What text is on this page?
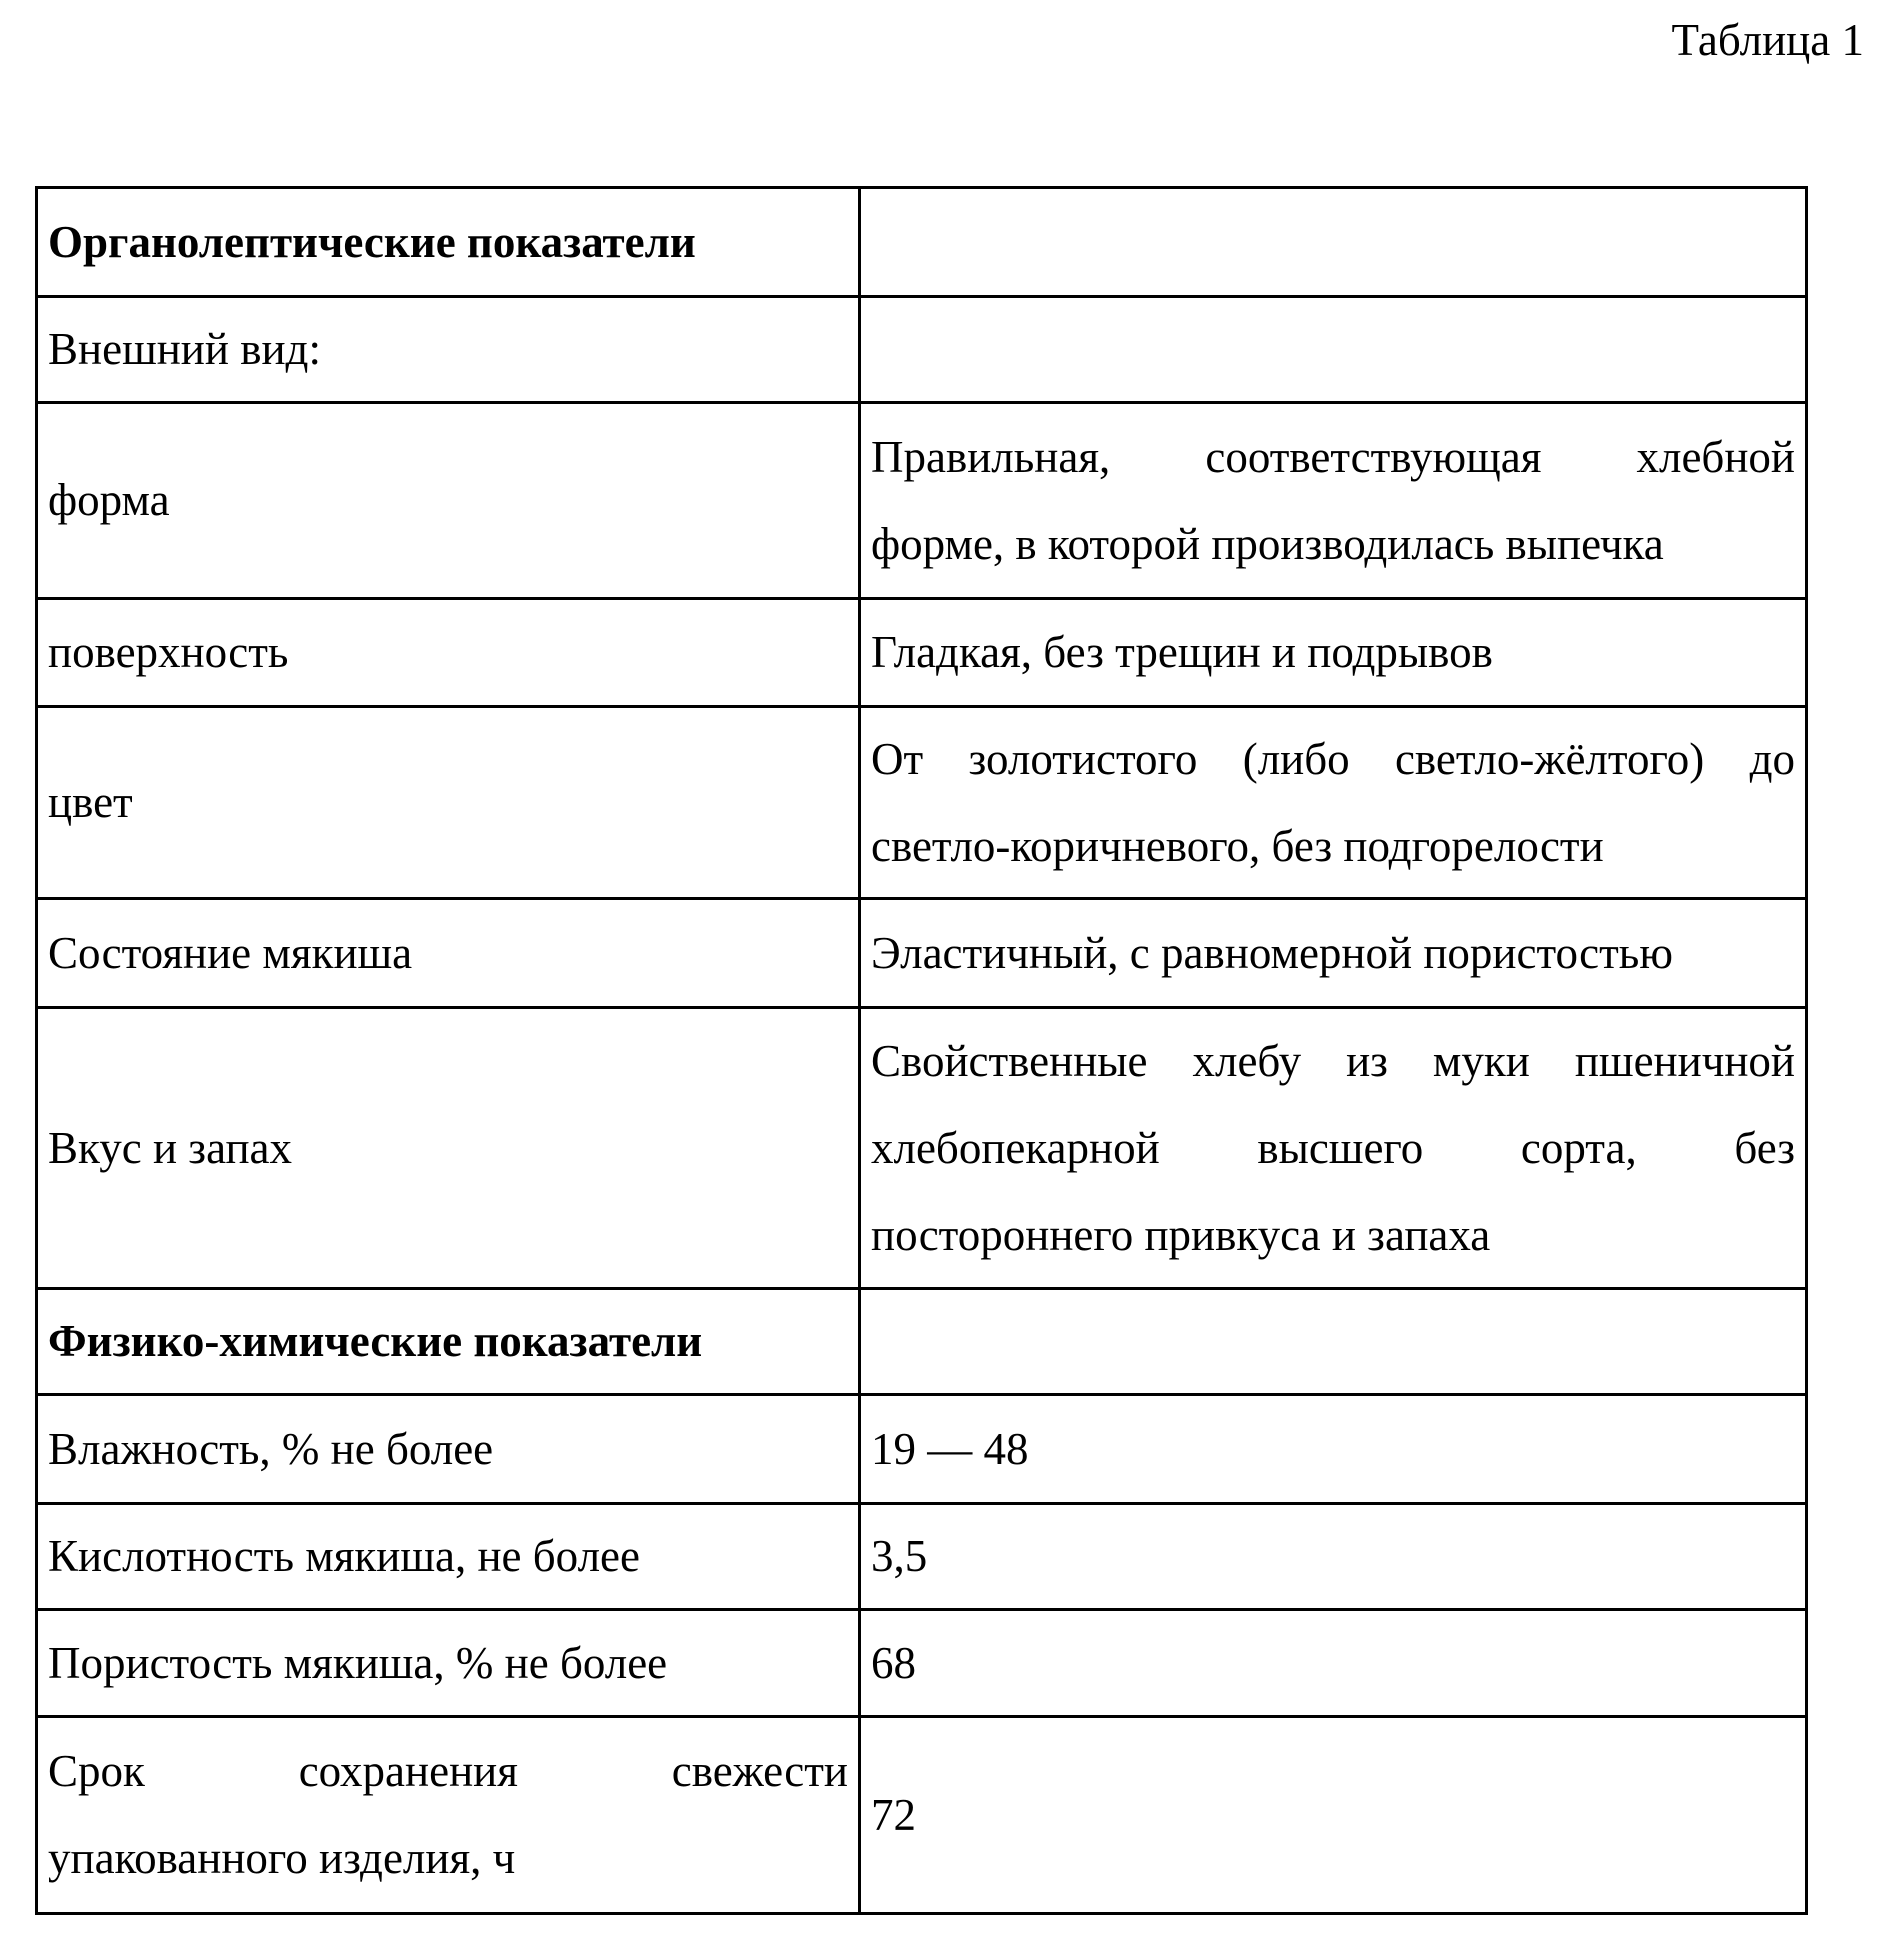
Таблица 1
Органолептические показатели

Внешний вид:

форма

Правильная, соответствующая хлебной
форме, в которой производилась выпечка

поверхность	Гладкая, без трещин и подрывов

цвет

От золотистого (либо светло-жёлтого) до
светло-коричневого, без подгорелости

Состояние мякиша	Эластичный, с равномерной пористостью

Вкус и запах

Свойственные хлебу из муки пшеничной
хлебопекарной высшего сорта, без
постороннего привкуса и запаха

Физико-химические показатели

Влажность, % не более	19 — 48

Кислотность мякиша, не более	3,5

Пористость мякиша, % не более	68

Срок сохранения свежести
упакованного изделия, ч

72
